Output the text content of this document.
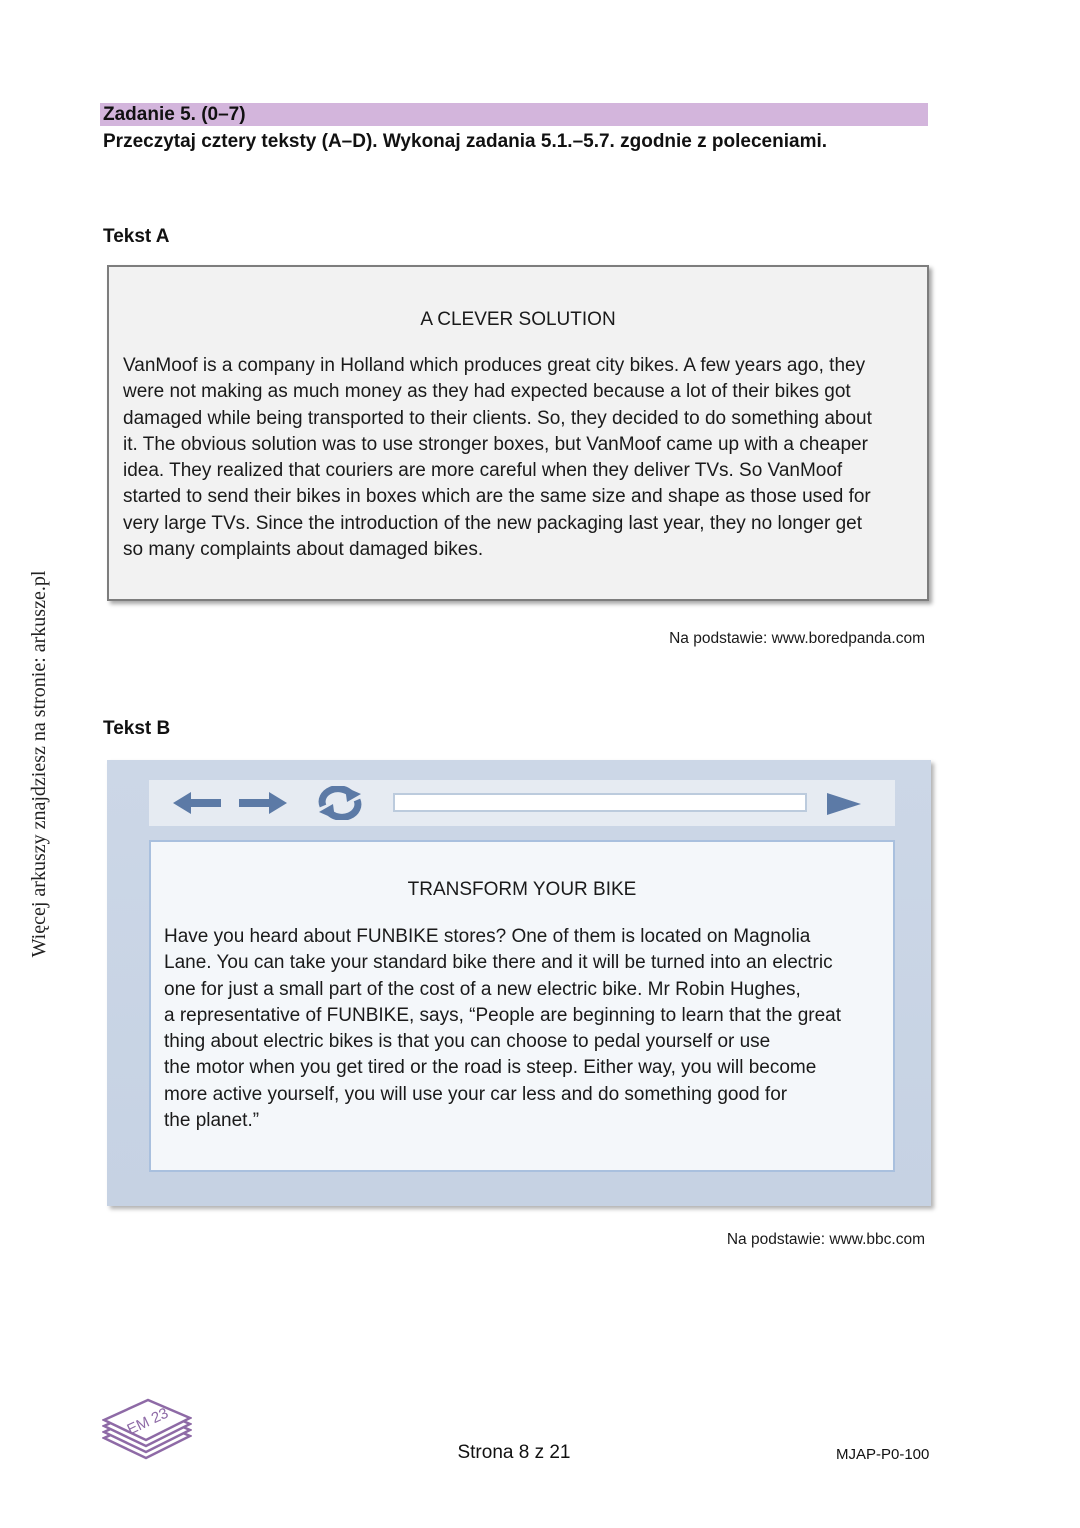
Więcej arkuszy znajdziesz na stronie: arkusze.pl
Zadanie 5. (0–7)
Przeczytaj cztery teksty (A–D). Wykonaj zadania 5.1.–5.7. zgodnie z poleceniami.
Tekst A
A CLEVER SOLUTION
VanMoof is a company in Holland which produces great city bikes. A few years ago, they
were not making as much money as they had expected because a lot of their bikes got
damaged while being transported to their clients. So, they decided to do something about
it. The obvious solution was to use stronger boxes, but VanMoof came up with a cheaper
idea. They realized that couriers are more careful when they deliver TVs. So VanMoof
started to send their bikes in boxes which are the same size and shape as those used for
very large TVs. Since the introduction of the new packaging last year, they no longer get
so many complaints about damaged bikes.
Na podstawie: www.boredpanda.com
Tekst B
TRANSFORM YOUR BIKE
Have you heard about FUNBIKE stores? One of them is located on Magnolia
Lane. You can take your standard bike there and it will be turned into an electric
one for just a small part of the cost of a new electric bike. Mr Robin Hughes,
a representative of FUNBIKE, says, “People are beginning to learn that the great
thing about electric bikes is that you can choose to pedal yourself or use
the motor when you get tired or the road is steep. Either way, you will become
more active yourself, you will use your car less and do something good for
the planet.”
Na podstawie: www.bbc.com
EM 23
Strona 8 z 21	MJAP-P0-100
